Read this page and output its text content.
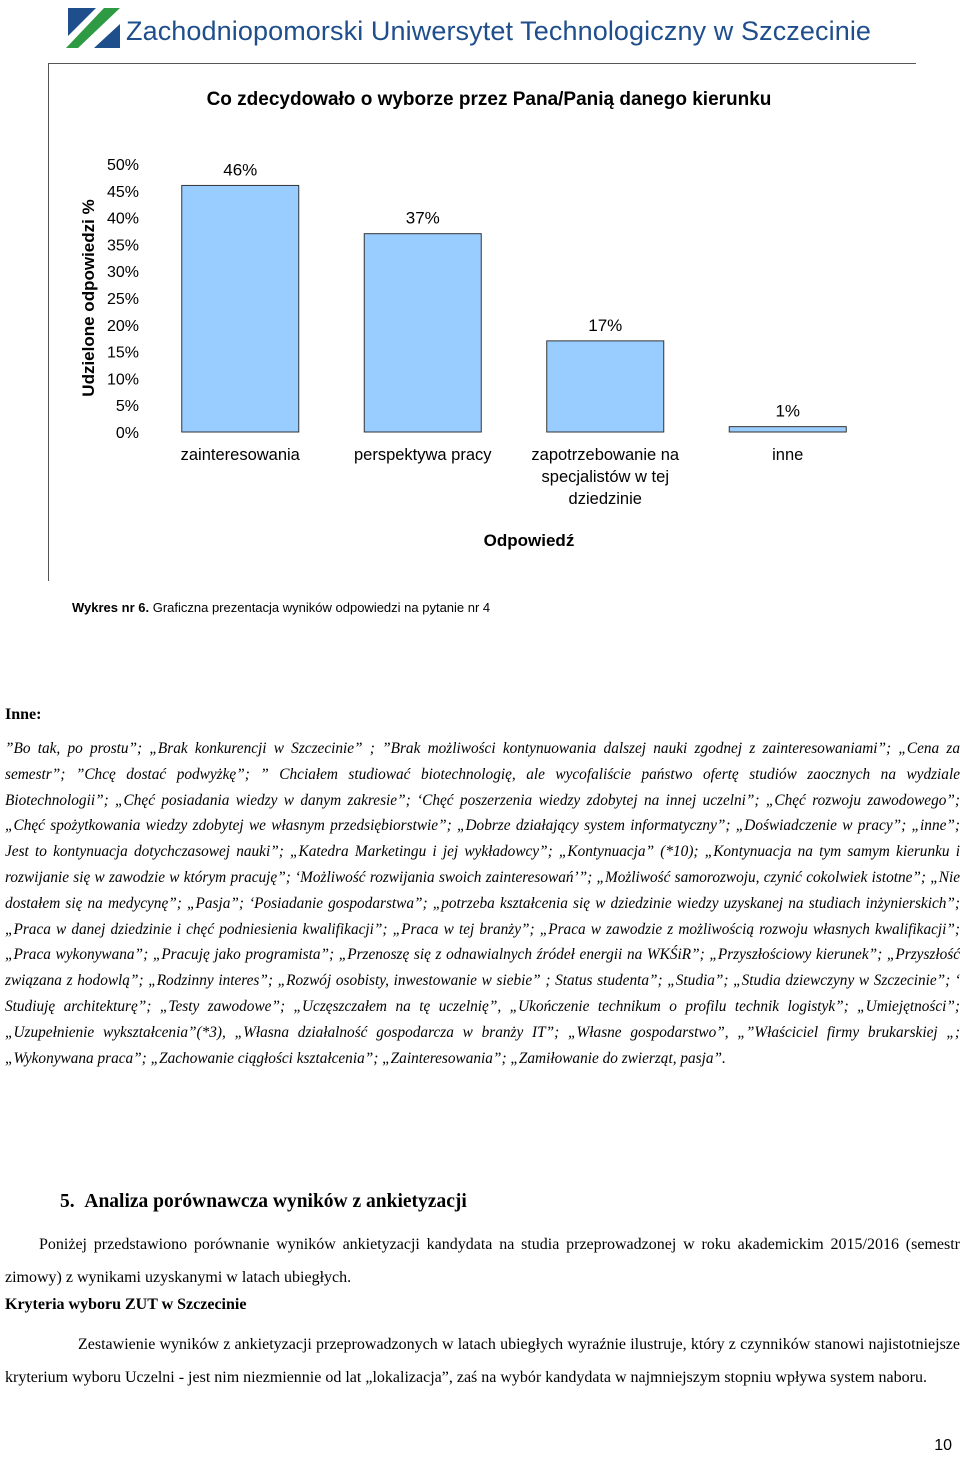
Zachodniopomorski Uniwersytet Technologiczny w Szczecinie
Co zdecydowało o wyborze przez Pana/Panią danego kierunku
0%
5%
10%
15%
20%
25%
30%
35%
40%
45%
50%
Udzielone odpowiedzi %
46%
zainteresowania
37%
perspektywa pracy
17%
zapotrzebowanie na
specjalistów w tej
dziedzinie
1%
inne
Odpowiedź
Wykres nr 6. Graficzna prezentacja wyników odpowiedzi na pytanie nr 4
Inne:
”Bo tak, po prostu”; „Brak konkurencji w Szczecinie” ; ”Brak możliwości kontynuowania dalszej nauki zgodnej z zainteresowaniami”; „Cena za semestr”; ”Chcę dostać podwyżkę”; ” Chciałem studiować biotechnologię, ale wycofaliście państwo ofertę studiów zaocznych na wydziale Biotechnologii”; „Chęć posiadania wiedzy w danym zakresie”; ‘Chęć poszerzenia wiedzy zdobytej na innej uczelni”; „Chęć rozwoju zawodowego”; „Chęć spożytkowania wiedzy zdobytej we własnym przedsiębiorstwie”; „Dobrze działający system informatyczny”; „Doświadczenie w pracy”; „inne”; Jest to kontynuacja dotychczasowej nauki”; „Katedra Marketingu i jej wykładowcy”; „Kontynuacja” (*10); „Kontynuacja na tym samym kierunku i rozwijanie się w zawodzie w którym pracuję”; ‘Możliwość rozwijania swoich zainteresowań’”; „Możliwość samorozwoju, czynić cokolwiek istotne”; „Nie dostałem się na medycynę”; „Pasja”; ‘Posiadanie gospodarstwa”; „potrzeba kształcenia się w dziedzinie wiedzy uzyskanej na studiach inżynierskich”; „Praca w danej dziedzinie i chęć podniesienia kwalifikacji”; „Praca w tej branży”; „Praca w zawodzie z możliwością rozwoju własnych kwalifikacji”; „Praca wykonywana”; „Pracuję jako programista”; „Przenoszę się z odnawialnych źródeł energii na WKŚiR”; „Przyszłościowy kierunek”; „Przyszłość związana z hodowlą”; „Rodzinny interes”; „Rozwój osobisty, inwestowanie w siebie” ; Status studenta”; „Studia”; „Studia dziewczyny w Szczecinie”; ‘ Studiuję architekturę”; „Testy zawodowe”; „Uczęszczałem na tę uczelnię”, „Ukończenie technikum o profilu technik logistyk”; „Umiejętności”; „Uzupełnienie wykształcenia”(*3), „Własna działalność gospodarcza w branży IT”; „Własne gospodarstwo”, „”Właściciel firmy brukarskiej „; „Wykonywana praca”; „Zachowanie ciągłości kształcenia”; „Zainteresowania”; „Zamiłowanie do zwierząt, pasja”.
5. Analiza porównawcza wyników z ankietyzacji
Poniżej przedstawiono porównanie wyników ankietyzacji kandydata na studia przeprowadzonej w roku akademickim 2015/2016 (semestr zimowy) z wynikami uzyskanymi w latach ubiegłych.
Kryteria wyboru ZUT w Szczecinie
Zestawienie wyników z ankietyzacji przeprowadzonych w latach ubiegłych wyraźnie ilustruje, który z czynników stanowi najistotniejsze kryterium wyboru Uczelni - jest nim niezmiennie od lat „lokalizacja”, zaś na wybór kandydata w najmniejszym stopniu wpływa system naboru.
10
